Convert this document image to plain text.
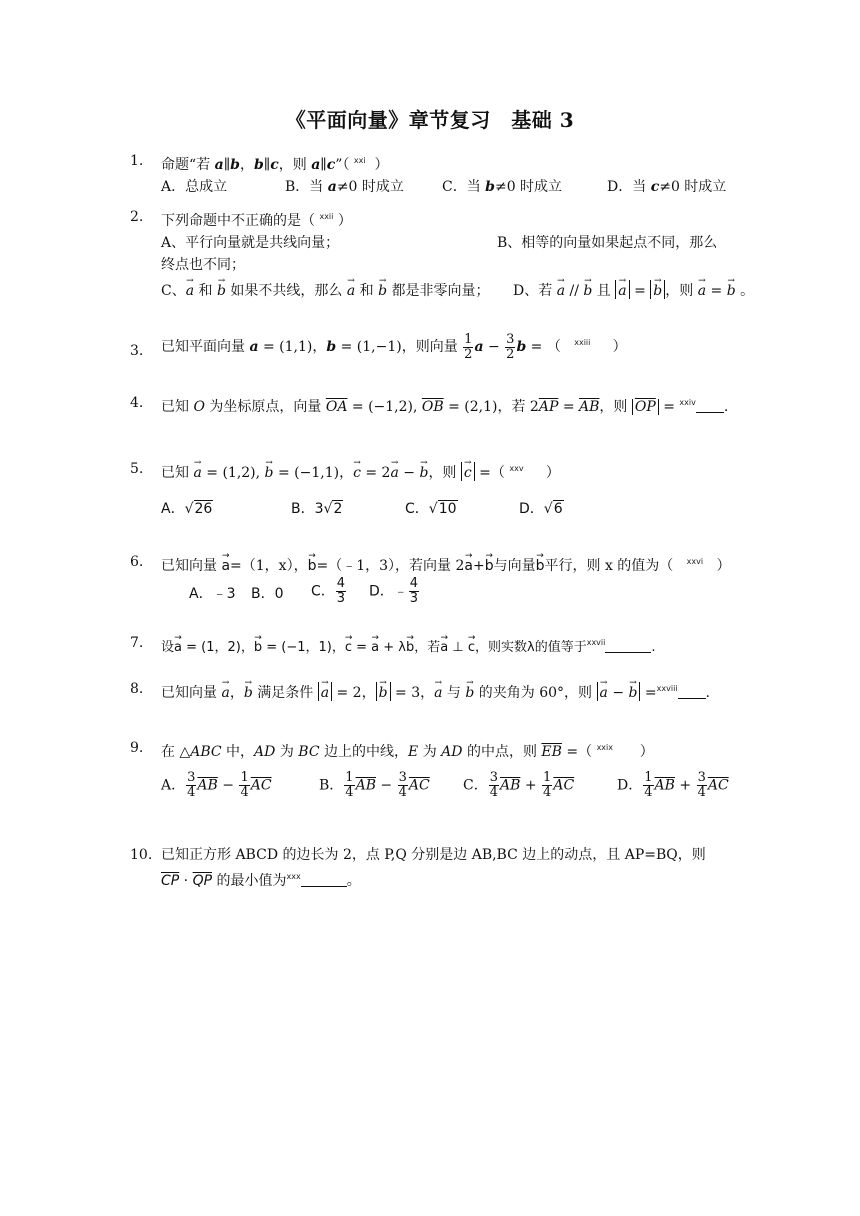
《平面向量》章节复习　基础 3
1.	命题“若 a∥b，b∥c，则 a∥c”（ $^{xxi}$  ）
A．总成立	B．当 a≠0 时成立	C．当 b≠0 时成立	D．当 c≠0 时成立
2.	下列命题中不正确的是（ $^{xxii}$ ）
A、平行向量就是共线向量；	B、相等的向量如果起点不同，那么
终点也不同；
C、→ a 和 → b 如果不共线，那么 → a 和 → b 都是非零向量； D、若 → a // → b 且 → a = → b ，则 → a = → b 。
3.	已知平面向量 a = (1,1)，b = (1,−1)，则向量 $\frac{1}{2}$ $a - \frac{3}{2}$ b = （ $^{xxiii}$ ）
4.	已知 O 为坐标原点，向量 $\overline{OA} = (-1,2)$, $\overline{OB} = (2,1)$，若 $2\overline{AP} = \overline{AB}$，则 $\overline{OP} = ^{xxiv}$ .
5.	已知 → a = (1,2), → b = (−1,1)，→ c = 2→ a − → b，则 → c =（ $^{xxv}$     ）
A．√26	B．3√2	C．√10	D．√6
6.	已知向量 → a=（1，x），→ b=（﹣1，3），若向量 2→ a+→ b与向量→ b平行，则 x 的值为（   $^{xxvi}$   ）
A．﹣3 B．0 C． $\frac{4}{3}$ D．﹣ $\frac{4}{3}$
7.	设→ a = (1，2)，→ b = (−1，1)，→ c = → a + λ→ b，若→ a ⊥ → c，则实数λ的值等于$^{xxvii}$	.
8.	已知向量 → a，→ b 满足条件 → a = 2， → b = 3，→ a 与 → b 的夹角为 60°，则 → a − → b =$^{xxviii}$ .
9.	在 △ABC 中，AD 为 BC 边上的中线，E 为 AD 的中点，则 $\overline{EB}$ =（ $^{xxix}$      ）
A． $\frac{3}{4} \overline{AB} - \frac{1}{4} \overline{AC}$	B． $\frac{1}{4} \overline{AB} - \frac{3}{4} \overline{AC}$ C． $\frac{3}{4} \overline{AB} + \frac{1}{4} \overline{AC}$	D． $\frac{1}{4} \overline{AB} + \frac{3}{4} \overline{AC}$
10. 已知正方形 ABCD 的边长为 2，点 P,Q 分别是边 AB,BC 边上的动点，且 AP=BQ，则
$\overline{CP} \cdot \overline{QP}$ 的最小值为$^{xxx}$	。
